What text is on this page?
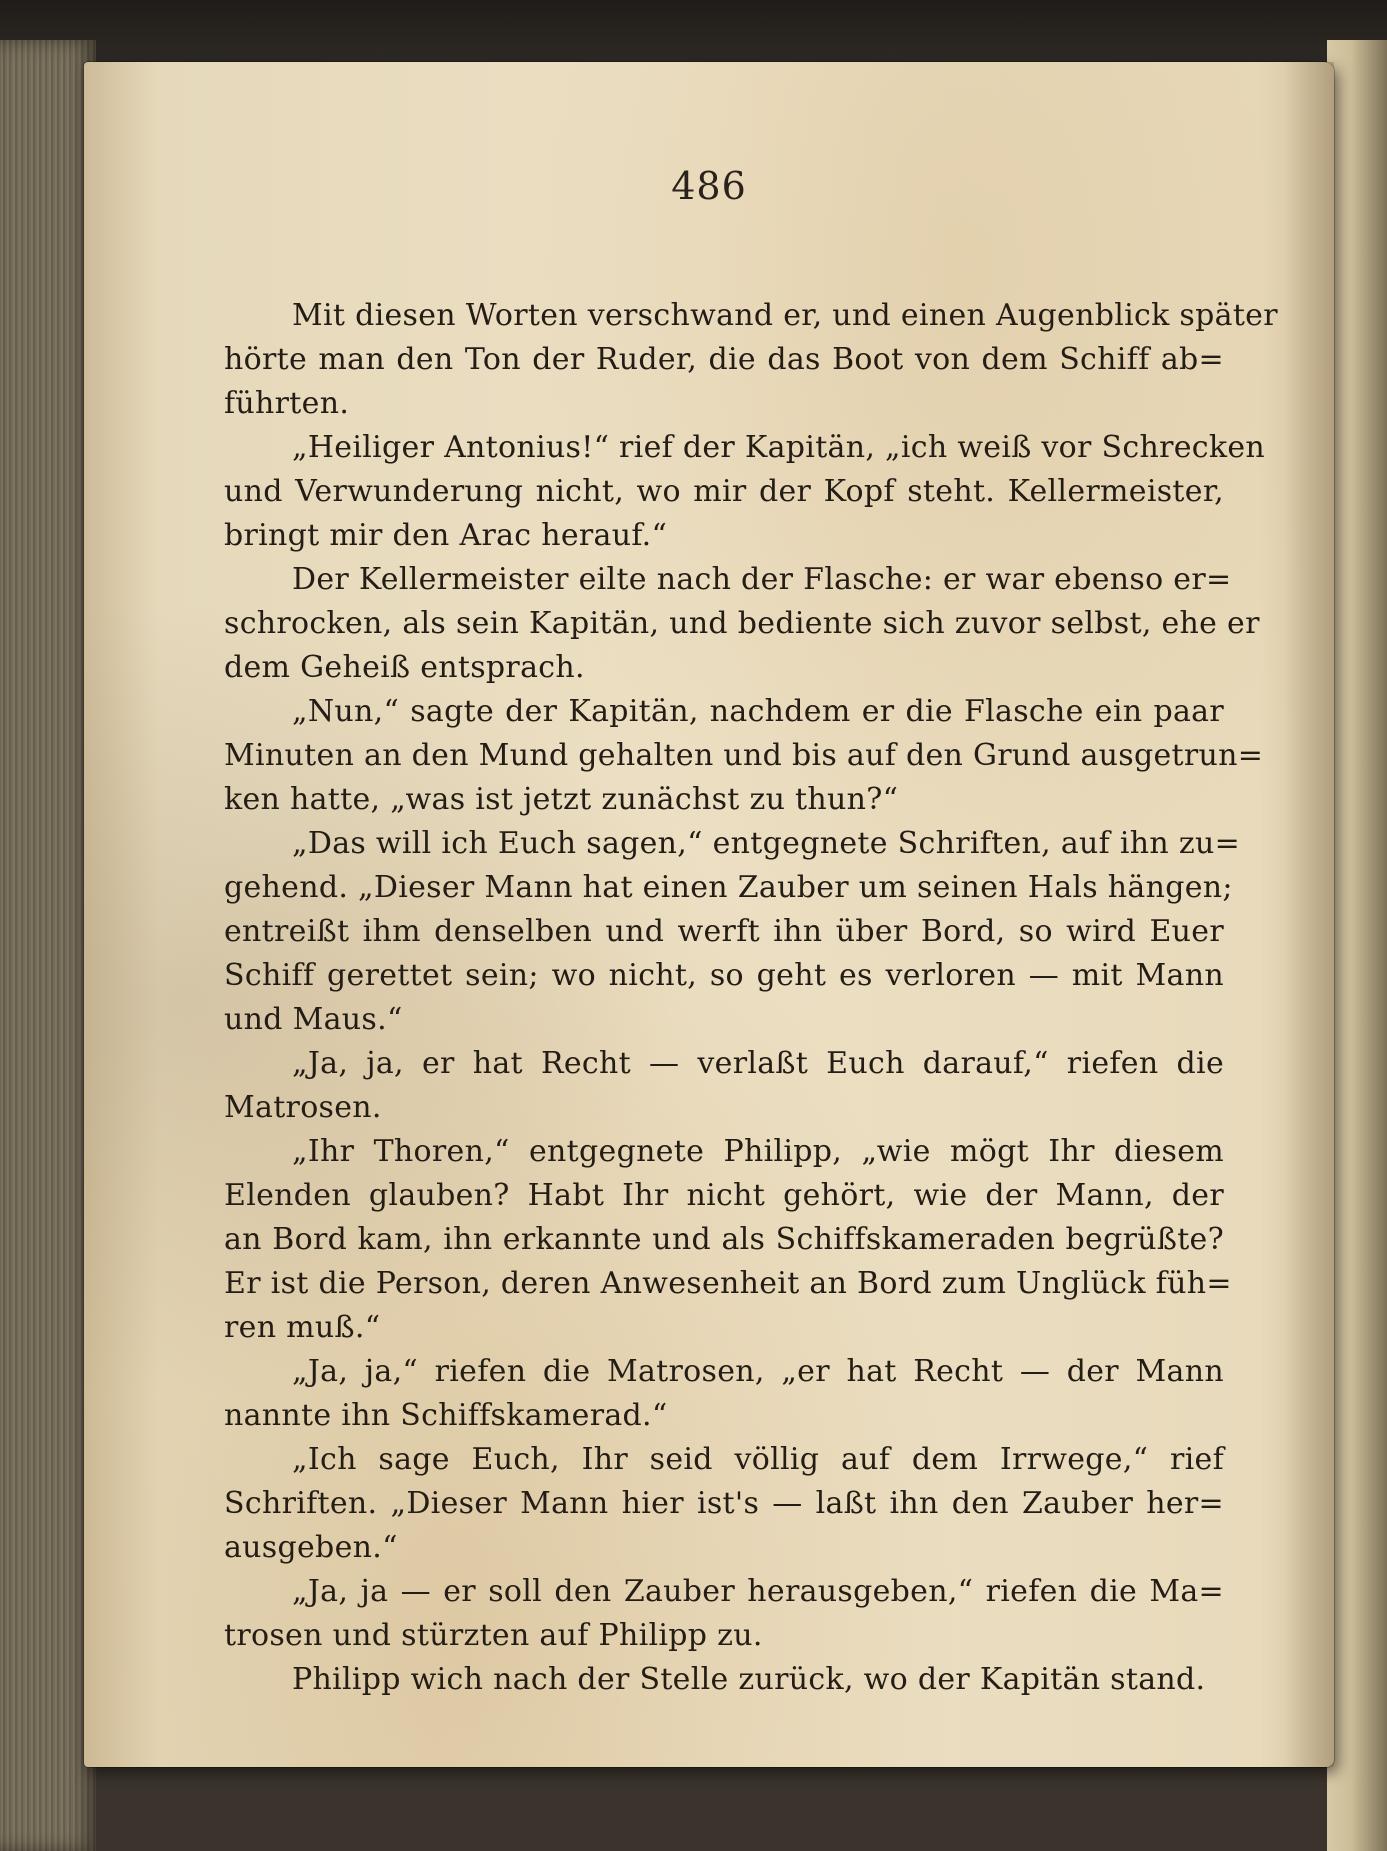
486
Mit diesen Worten verschwand er, und einen Augenblick später
hörte man den Ton der Ruder, die das Boot von dem Schiff ab=
führten.
„Heiliger Antonius!“ rief der Kapitän, „ich weiß vor Schrecken
und Verwunderung nicht, wo mir der Kopf steht. Kellermeister,
bringt mir den Arac herauf.“
Der Kellermeister eilte nach der Flasche: er war ebenso er=
schrocken, als sein Kapitän, und bediente sich zuvor selbst, ehe er
dem Geheiß entsprach.
„Nun,“ sagte der Kapitän, nachdem er die Flasche ein paar
Minuten an den Mund gehalten und bis auf den Grund ausgetrun=
ken hatte, „was ist jetzt zunächst zu thun?“
„Das will ich Euch sagen,“ entgegnete Schriften, auf ihn zu=
gehend. „Dieser Mann hat einen Zauber um seinen Hals hängen;
entreißt ihm denselben und werft ihn über Bord, so wird Euer
Schiff gerettet sein; wo nicht, so geht es verloren — mit Mann
und Maus.“
„Ja, ja, er hat Recht — verlaßt Euch darauf,“ riefen die
Matrosen.
„Ihr Thoren,“ entgegnete Philipp, „wie mögt Ihr diesem
Elenden glauben? Habt Ihr nicht gehört, wie der Mann, der
an Bord kam, ihn erkannte und als Schiffskameraden begrüßte?
Er ist die Person, deren Anwesenheit an Bord zum Unglück füh=
ren muß.“
„Ja, ja,“ riefen die Matrosen, „er hat Recht — der Mann
nannte ihn Schiffskamerad.“
„Ich sage Euch, Ihr seid völlig auf dem Irrwege,“ rief
Schriften. „Dieser Mann hier ist's — laßt ihn den Zauber her=
ausgeben.“
„Ja, ja — er soll den Zauber herausgeben,“ riefen die Ma=
trosen und stürzten auf Philipp zu.
Philipp wich nach der Stelle zurück, wo der Kapitän stand.
